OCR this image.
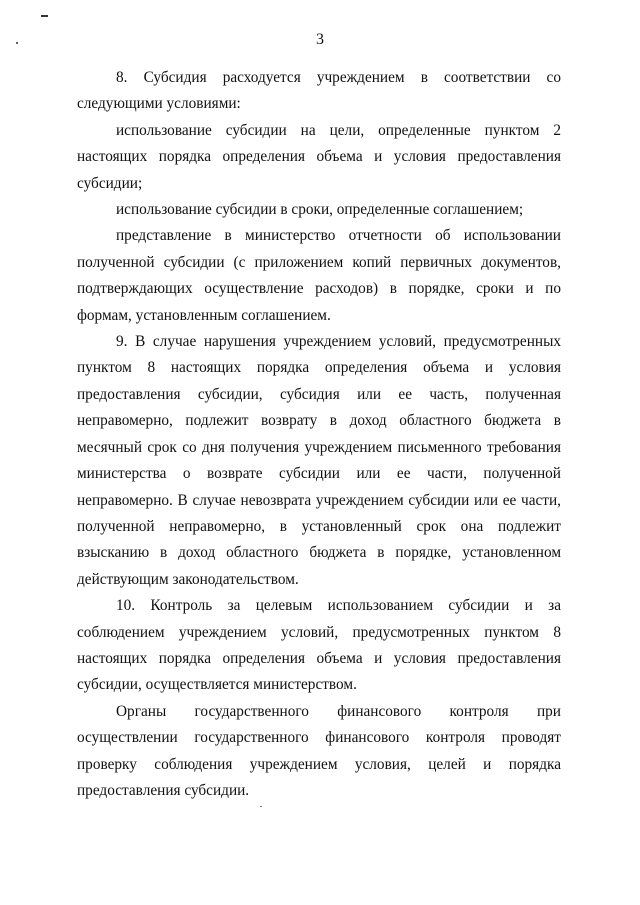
3

8. Субсидия расходуется учреждением в соответствии со следующими условиями:

использование субсидии на цели, определенные пунктом 2 настоящих порядка определения объема и условия предоставления субсидии;

использование субсидии в сроки, определенные соглашением;

представление в министерство отчетности об использовании полученной субсидии (с приложением копий первичных документов, подтверждающих осуществление расходов) в порядке, сроки и по формам, установленным соглашением.

9. В случае нарушения учреждением условий, предусмотренных пунктом 8 настоящих порядка определения объема и условия предоставления субсидии, субсидия или ее часть, полученная неправомерно, подлежит возврату в доход областного бюджета в месячный срок со дня получения учреждением письменного требования министерства о возврате субсидии или ее части, полученной неправомерно. В случае невозврата учреждением субсидии или ее части, полученной неправомерно, в установленный срок она подлежит взысканию в доход областного бюджета в порядке, установленном действующим законодательством.

10. Контроль за целевым использованием субсидии и за соблюдением учреждением условий, предусмотренных пунктом 8 настоящих порядка определения объема и условия предоставления субсидии, осуществляется министерством.

Органы государственного финансового контроля при осуществлении государственного финансового контроля проводят проверку соблюдения учреждением условия, целей и порядка предоставления субсидии.
